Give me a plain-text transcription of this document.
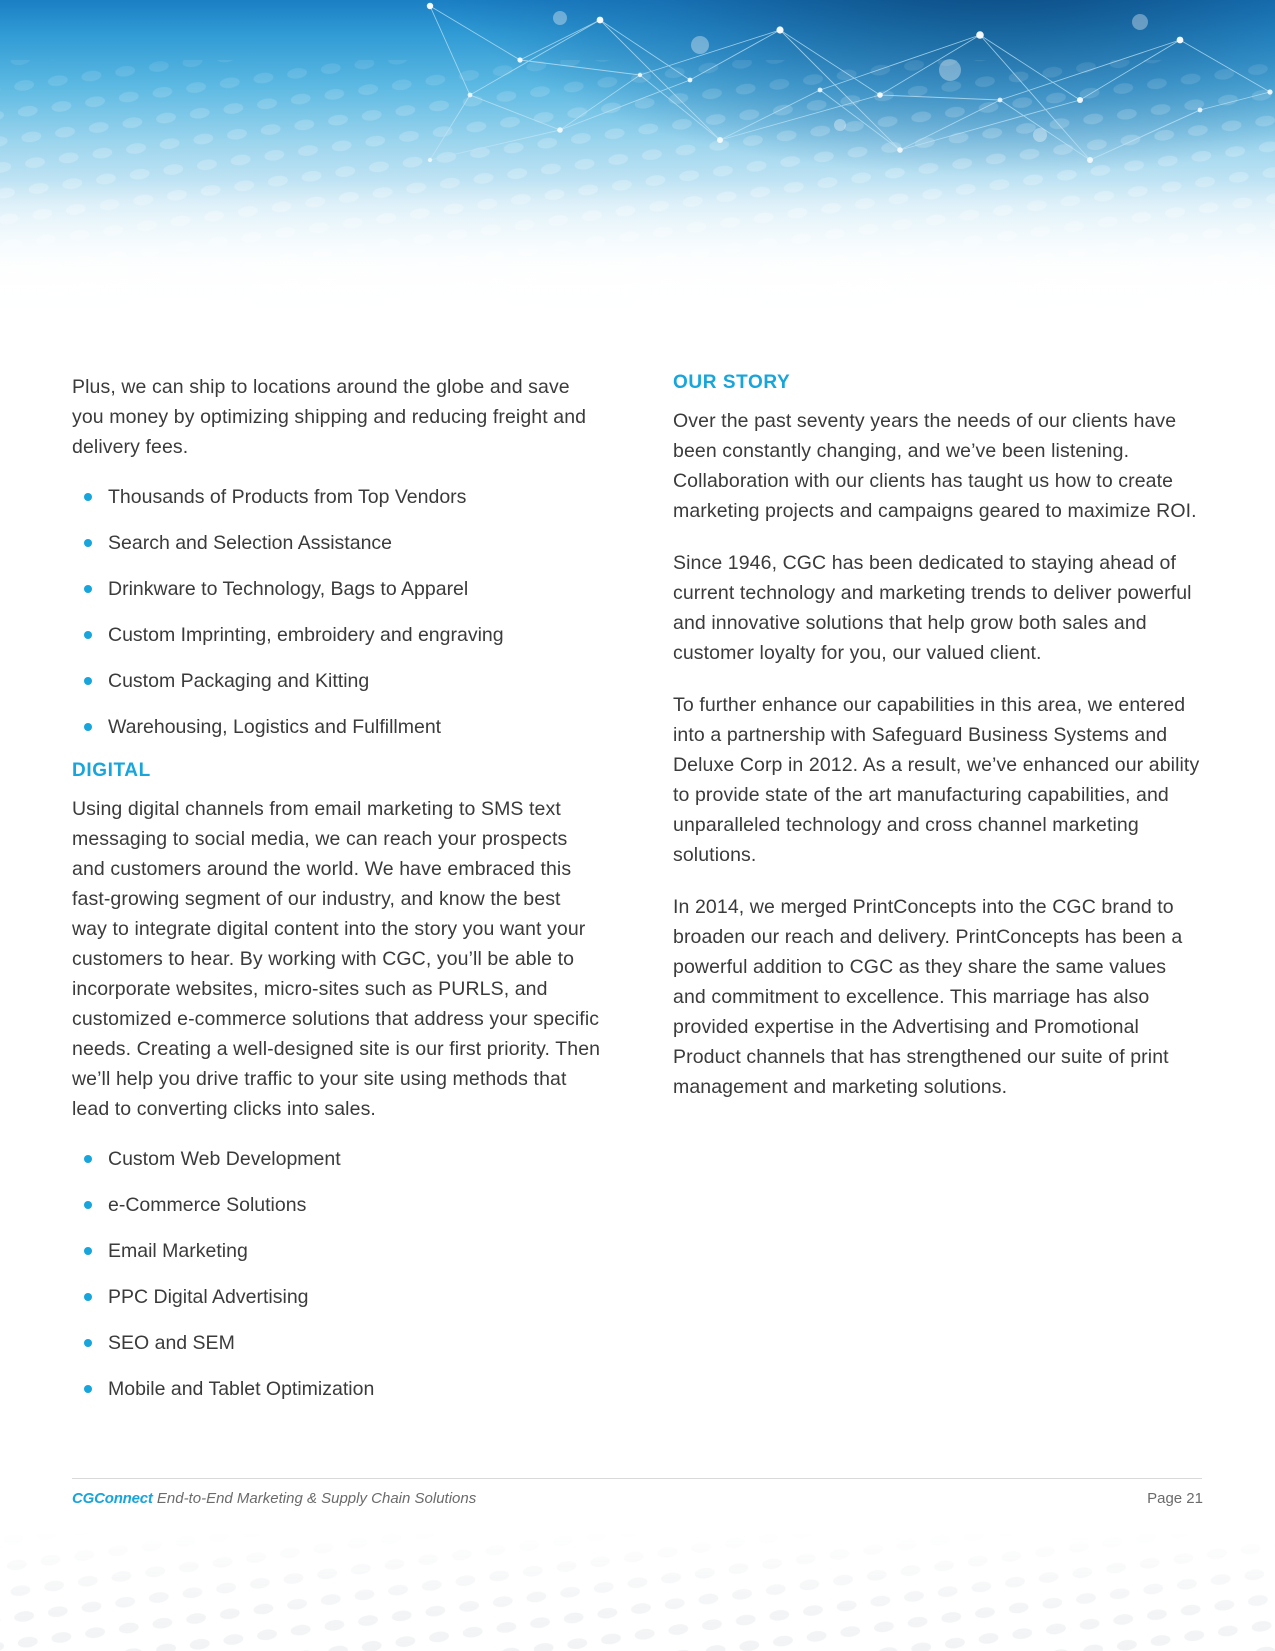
Plus, we can ship to locations around the globe and save you money by optimizing shipping and reducing freight and delivery fees.

Thousands of Products from Top Vendors
Search and Selection Assistance
Drinkware to Technology, Bags to Apparel
Custom Imprinting, embroidery and engraving
Custom Packaging and Kitting
Warehousing, Logistics and Fulfillment
DIGITAL

Using digital channels from email marketing to SMS text messaging to social media, we can reach your prospects and customers around the world. We have embraced this fast-growing segment of our industry, and know the best way to integrate digital content into the story you want your customers to hear. By working with CGC, you’ll be able to incorporate websites, micro-sites such as PURLS, and customized e-commerce solutions that address your specific needs. Creating a well-designed site is our first priority. Then we’ll help you drive traffic to your site using methods that lead to converting clicks into sales.

Custom Web Development
e-Commerce Solutions
Email Marketing
PPC Digital Advertising
SEO and SEM
Mobile and Tablet Optimization
OUR STORY

Over the past seventy years the needs of our clients have been constantly changing, and we’ve been listening. Collaboration with our clients has taught us how to create marketing projects and campaigns geared to maximize ROI.

Since 1946, CGC has been dedicated to staying ahead of current technology and marketing trends to deliver powerful and innovative solutions that help grow both sales and customer loyalty for you, our valued client.

To further enhance our capabilities in this area, we entered into a partnership with Safeguard Business Systems and Deluxe Corp in 2012. As a result, we’ve enhanced our ability to provide state of the art manufacturing capabilities, and unparalleled technology and cross channel marketing solutions.

In 2014, we merged PrintConcepts into the CGC brand to broaden our reach and delivery. PrintConcepts has been a powerful addition to CGC as they share the same values and commitment to excellence. This marriage has also provided expertise in the Advertising and Promotional Product channels that has strengthened our suite of print management and marketing solutions.

CGConnect End-to-End Marketing & Supply Chain Solutions	Page 21
